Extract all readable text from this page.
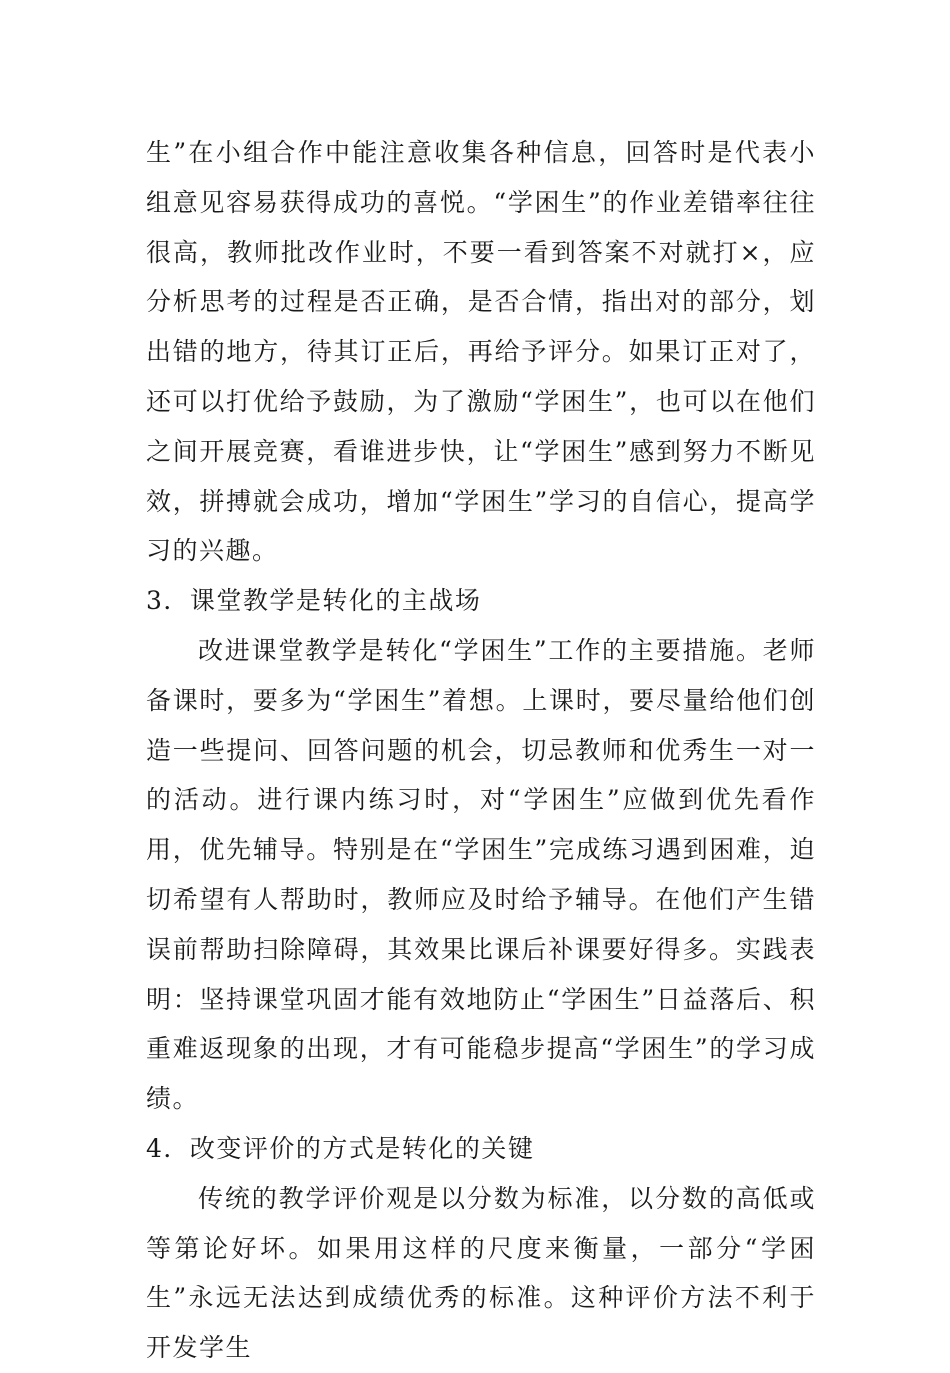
生”在小组合作中能注意收集各种信息，回答时是代表小组意见容易获得成功的喜悦。“学困生”的作业差错率往往很高，教师批改作业时，不要一看到答案不对就打×，应分析思考的过程是否正确，是否合情，指出对的部分，划出错的地方，待其订正后，再给予评分。如果订正对了，还可以打优给予鼓励，为了激励“学困生”，也可以在他们之间开展竞赛，看谁进步快，让“学困生”感到努力不断见效，拼搏就会成功，增加“学困生”学习的自信心，提高学习的兴趣。

3．课堂教学是转化的主战场

改进课堂教学是转化“学困生”工作的主要措施。老师备课时，要多为“学困生”着想。上课时，要尽量给他们创造一些提问、回答问题的机会，切忌教师和优秀生一对一的活动。进行课内练习时，对“学困生”应做到优先看作用，优先辅导。特别是在“学困生”完成练习遇到困难，迫切希望有人帮助时，教师应及时给予辅导。在他们产生错误前帮助扫除障碍，其效果比课后补课要好得多。实践表明：坚持课堂巩固才能有效地防止“学困生”日益落后、积重难返现象的出现，才有可能稳步提高“学困生”的学习成绩。

4．改变评价的方式是转化的关键

传统的教学评价观是以分数为标准，以分数的高低或等第论好坏。如果用这样的尺度来衡量，一部分“学困生”永远无法达到成绩优秀的标准。这种评价方法不利于开发学生
